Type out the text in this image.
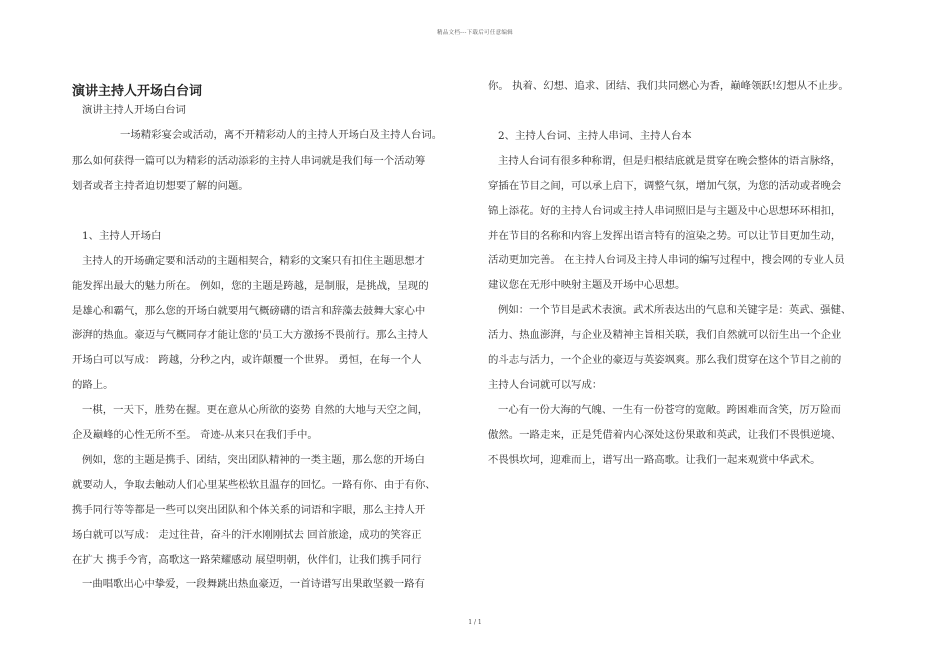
精品文档---下载后可任意编辑
演讲主持人开场白台词
演讲主持人开场白台词
一场精彩宴会或活动，离不开精彩动人的主持人开场白及主持人台词。
那么如何获得一篇可以为精彩的活动添彩的主持人串词就是我们每一个活动筹
划者或者主持者迫切想要了解的问题。
1、主持人开场白
主持人的开场确定要和活动的主题相契合，精彩的文案只有扣住主题思想才
能发挥出最大的魅力所在。 例如，您的主题是跨越，是制服，是挑战，呈现的
是雄心和霸气，那么您的开场白就要用气概磅礴的语言和辞藻去鼓舞大家心中
澎湃的热血。豪迈与气概同存才能让您的'员工大方激扬不畏前行。那么主持人
开场白可以写成： 跨越，分秒之内，或许颠覆一个世界。 勇恒，在每一个人
的路上。
一棋，一天下，胜势在握。更在意从心所欲的姿势 自然的大地与天空之间，
企及巅峰的心性无所不至。 奇迹-从来只在我们手中。
例如，您的主题是携手、团结，突出团队精神的一类主题，那么您的开场白
就要动人，争取去触动人们心里某些松软且温存的回忆。一路有你、由于有你、
携手同行等等都是一些可以突出团队和个体关系的词语和字眼，那么主持人开
场白就可以写成： 走过往昔，奋斗的汗水刚刚拭去 回首旅途，成功的笑容正
在扩大 携手今宵，高歌这一路荣耀感动 展望明朝，伙伴们，让我们携手同行
一曲唱歌出心中挚爱，一段舞跳出热血豪迈，一首诗谱写出果敢坚毅一路有
你。 执着、幻想、追求、团结、我们共同燃心为香，巅峰领跃!幻想从不止步。
2、主持人台词、主持人串词、主持人台本
主持人台词有很多种称谓，但是归根结底就是贯穿在晚会整体的语言脉络，
穿插在节目之间，可以承上启下，调整气氛，增加气氛，为您的活动或者晚会
锦上添花。好的主持人台词或主持人串词照旧是与主题及中心思想环环相扣，
并在节目的名称和内容上发挥出语言特有的渲染之势。可以让节目更加生动，
活动更加完善。 在主持人台词及主持人串词的编写过程中，搜会网的专业人员
建议您在无形中映射主题及开场中心思想。
例如：一个节目是武术表演。武术所表达出的气息和关键字是：英武、强健、
活力、热血澎湃，与企业及精神主旨相关联，我们自然就可以衍生出一个企业
的斗志与活力，一个企业的豪迈与英姿飒爽。那么我们贯穿在这个节目之前的
主持人台词就可以写成：
一心有一份大海的气魄、一生有一份苍穹的宽敞。跨困难而含笑，厉万险而
傲然。一路走来，正是凭借着内心深处这份果敢和英武，让我们不畏惧逆境、
不畏惧坎坷，迎难而上，谱写出一路高歌。让我们一起来观赏中华武术。
1 / 1
